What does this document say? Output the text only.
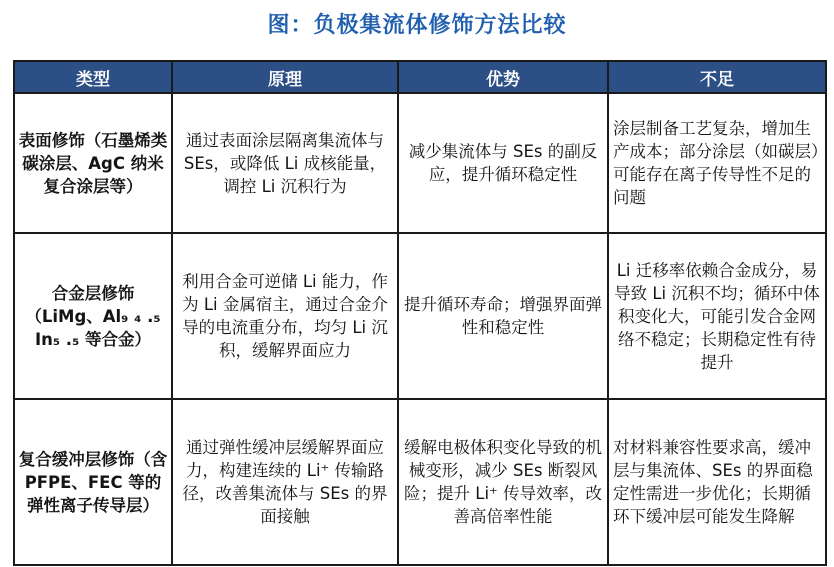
图：负极集流体修饰方法比较
类型	原理	优势	不足
表面修饰（石墨烯类碳涂层、AgC 纳米复合涂层等）	通过表面涂层隔离集流体与 SEs，或降低 Li 成核能量，调控 Li 沉积行为	减少集流体与 SEs 的副反应，提升循环稳定性	涂层制备工艺复杂，增加生产成本；部分涂层（如碳层）可能存在离子传导性不足的问题
合金层修饰（LiMg、Al₉ ₄ .₅ In₅ .₅ 等合金）	利用合金可逆储 Li 能力，作为 Li 金属宿主，通过合金介导的电流重分布，均匀 Li 沉积，缓解界面应力	提升循环寿命；增强界面弹性和稳定性	Li 迁移率依赖合金成分，易导致 Li 沉积不均；循环中体积变化大，可能引发合金网络不稳定；长期稳定性有待提升
复合缓冲层修饰（含 PFPE、FEC 等的弹性离子传导层）	通过弹性缓冲层缓解界面应力，构建连续的 Li⁺ 传输路径，改善集流体与 SEs 的界面接触	缓解电极体积变化导致的机械变形，减少 SEs 断裂风险；提升 Li⁺ 传导效率，改善高倍率性能	对材料兼容性要求高，缓冲层与集流体、SEs 的界面稳定性需进一步优化；长期循环下缓冲层可能发生降解
